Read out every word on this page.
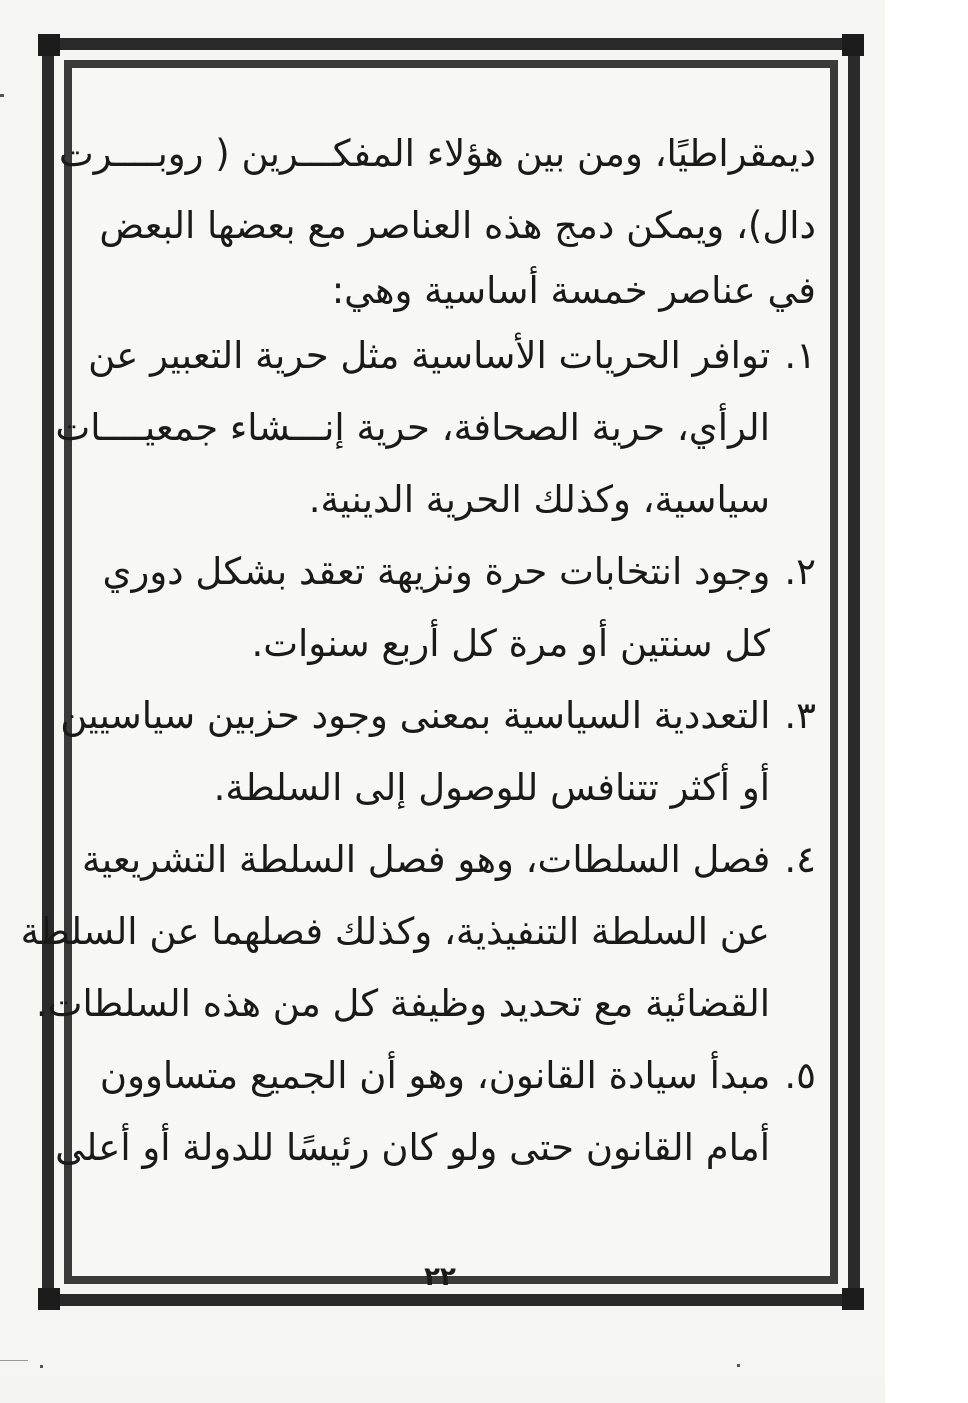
ديمقراطيًا، ومن بين هؤلاء المفكـــرين ( روبــــرت
دال)، ويمكن دمج هذه العناصر مع بعضها البعض
في عناصر خمسة أساسية وهي:
١.توافر الحريات الأساسية مثل حرية التعبير عن
الرأي، حرية الصحافة، حرية إنـــشاء جمعيــــات
سياسية، وكذلك الحرية الدينية.
٢.وجود انتخابات حرة ونزيهة تعقد بشكل دوري
كل سنتين أو مرة كل أربع سنوات.
٣.التعددية السياسية بمعنى وجود حزبين سياسيين
أو أكثر تتنافس للوصول إلى السلطة.
٤.فصل السلطات، وهو فصل السلطة التشريعية
عن السلطة التنفيذية، وكذلك فصلهما عن السلطة
القضائية مع تحديد وظيفة كل من هذه السلطات.
٥.مبدأ سيادة القانون، وهو أن الجميع متساوون
أمام القانون حتى ولو كان رئيسًا للدولة أو أعلى
٢٢
